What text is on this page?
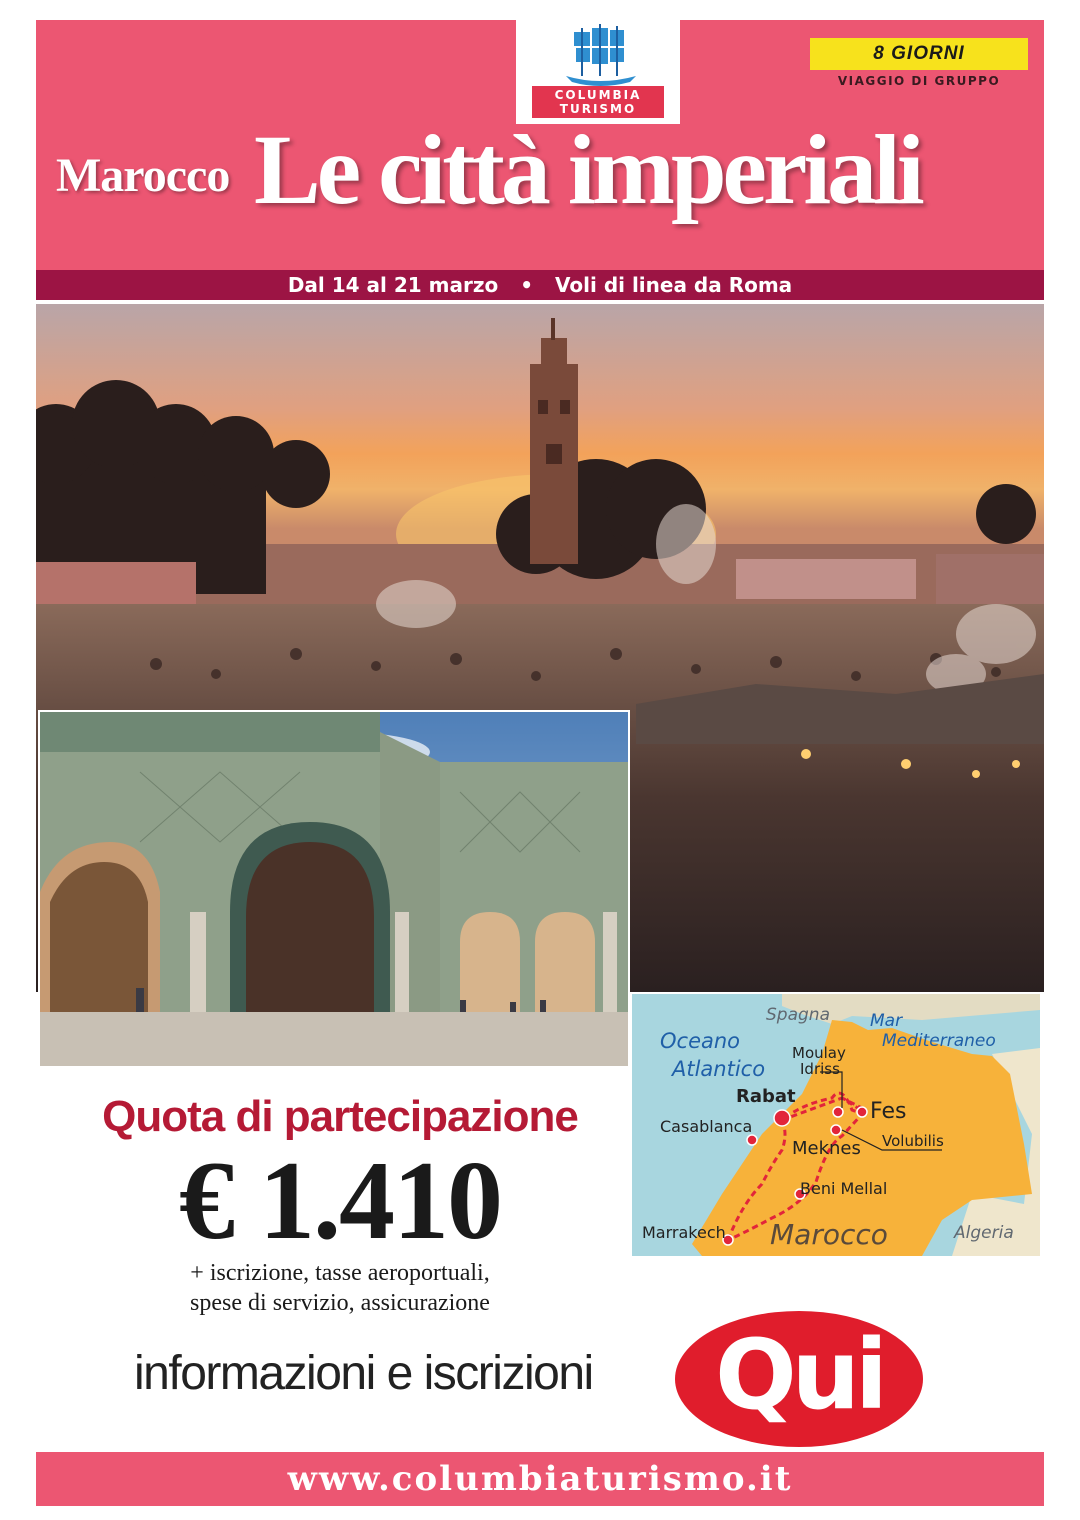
COLUMBIA
TURISMO
8 GIORNI
VIAGGIO DI GRUPPO
Marocco Le città imperiali
Dal 14 al 21 marzo • Voli di linea da Roma
Spagna
Oceano
Atlantico
Mar
Mediterraneo
Moulay
Idriss
Rabat
Fes
Casablanca
Meknes Volubilis
Beni Mellal
Marrakech Marocco	Algeria
Quota di partecipazione
€ 1.410
+ iscrizione, tasse aeroportuali,
spese di servizio, assicurazione
informazioni e iscrizioni	Qui
www.columbiaturismo.it
